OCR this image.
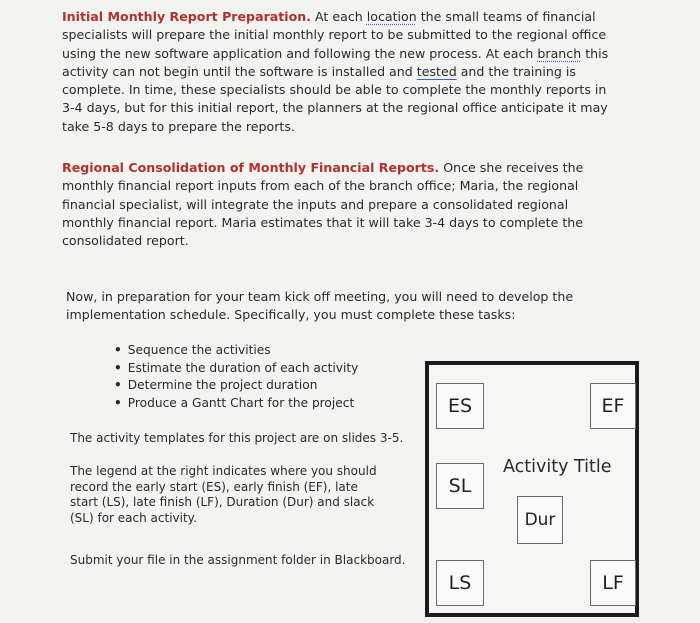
Initial Monthly Report Preparation. At each location the small teams of financial specialists will prepare the initial monthly report to be submitted to the regional office using the new software application and following the new process. At each branch this activity can not begin until the software is installed and tested and the training is complete. In time, these specialists should be able to complete the monthly reports in 3-4 days, but for this initial report, the planners at the regional office anticipate it may take 5-8 days to prepare the reports.
Regional Consolidation of Monthly Financial Reports. Once she receives the monthly financial report inputs from each of the branch office; Maria, the regional financial specialist, will integrate the inputs and prepare a consolidated regional monthly financial report. Maria estimates that it will take 3-4 days to complete the consolidated report.
Now, in preparation for your team kick off meeting, you will need to develop the implementation schedule. Specifically, you must complete these tasks:
• Sequence the activities
• Estimate the duration of each activity
• Determine the project duration
• Produce a Gantt Chart for the project
The activity templates for this project are on slides 3-5.
The legend at the right indicates where you should record the early start (ES), early finish (EF), late start (LS), late finish (LF), Duration (Dur) and slack (SL) for each activity.
Submit your file in the assignment folder in Blackboard.
ES	EF
Activity Title
SL
Dur
LS	LF
